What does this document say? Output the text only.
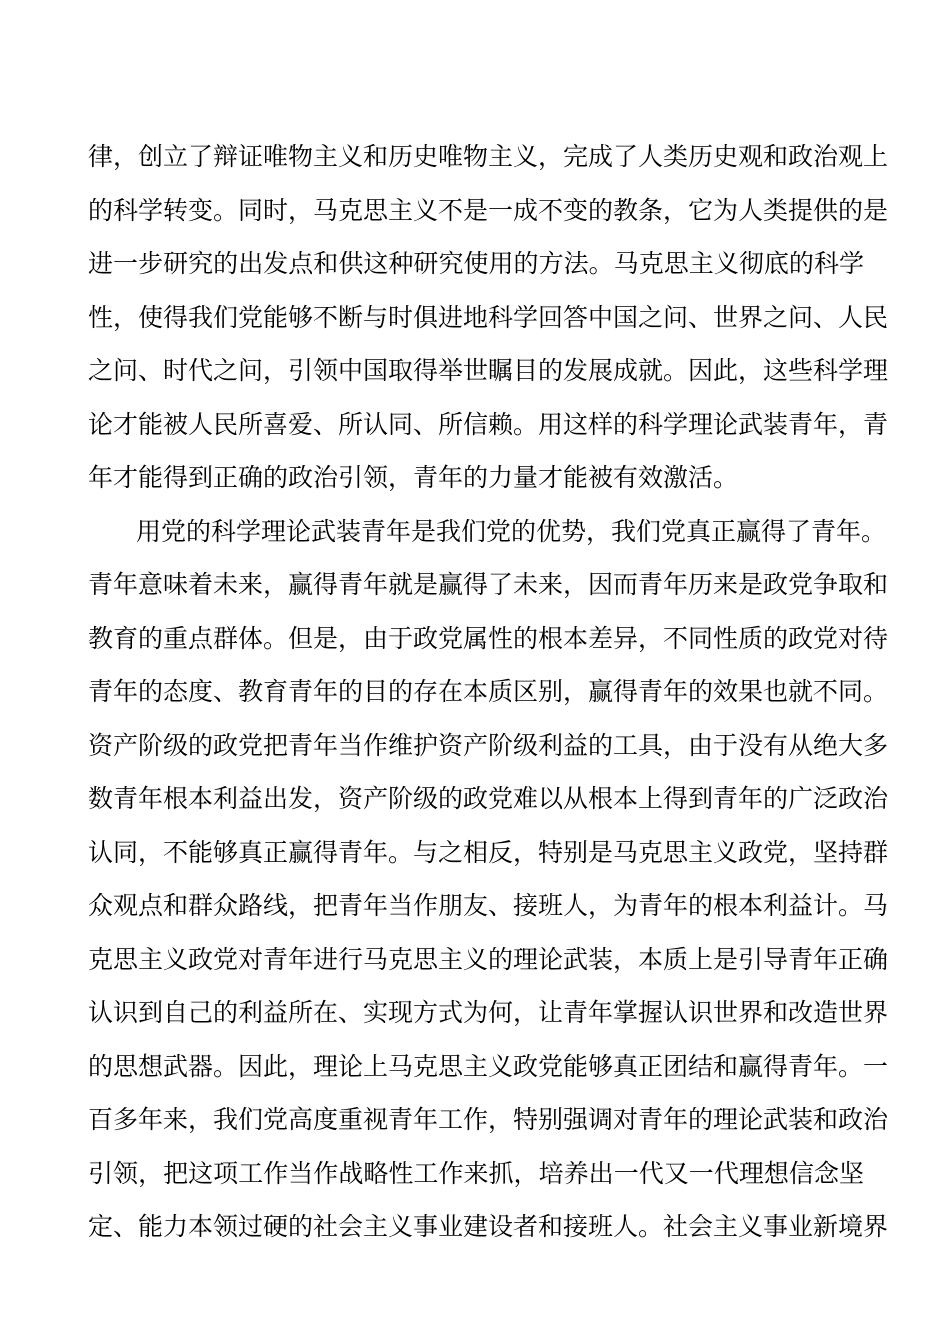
律，创立了辩证唯物主义和历史唯物主义，完成了人类历史观和政治观上
的科学转变。同时，马克思主义不是一成不变的教条，它为人类提供的是
进一步研究的出发点和供这种研究使用的方法。马克思主义彻底的科学
性，使得我们党能够不断与时俱进地科学回答中国之问、世界之问、人民
之问、时代之问，引领中国取得举世瞩目的发展成就。因此，这些科学理
论才能被人民所喜爱、所认同、所信赖。用这样的科学理论武装青年，青
年才能得到正确的政治引领，青年的力量才能被有效激活。
用党的科学理论武装青年是我们党的优势，我们党真正赢得了青年。
青年意味着未来，赢得青年就是赢得了未来，因而青年历来是政党争取和
教育的重点群体。但是，由于政党属性的根本差异，不同性质的政党对待
青年的态度、教育青年的目的存在本质区别，赢得青年的效果也就不同。
资产阶级的政党把青年当作维护资产阶级利益的工具，由于没有从绝大多
数青年根本利益出发，资产阶级的政党难以从根本上得到青年的广泛政治
认同，不能够真正赢得青年。与之相反，特别是马克思主义政党，坚持群
众观点和群众路线，把青年当作朋友、接班人，为青年的根本利益计。马
克思主义政党对青年进行马克思主义的理论武装，本质上是引导青年正确
认识到自己的利益所在、实现方式为何，让青年掌握认识世界和改造世界
的思想武器。因此，理论上马克思主义政党能够真正团结和赢得青年。一
百多年来，我们党高度重视青年工作，特别强调对青年的理论武装和政治
引领，把这项工作当作战略性工作来抓，培养出一代又一代理想信念坚
定、能力本领过硬的社会主义事业建设者和接班人。社会主义事业新境界
